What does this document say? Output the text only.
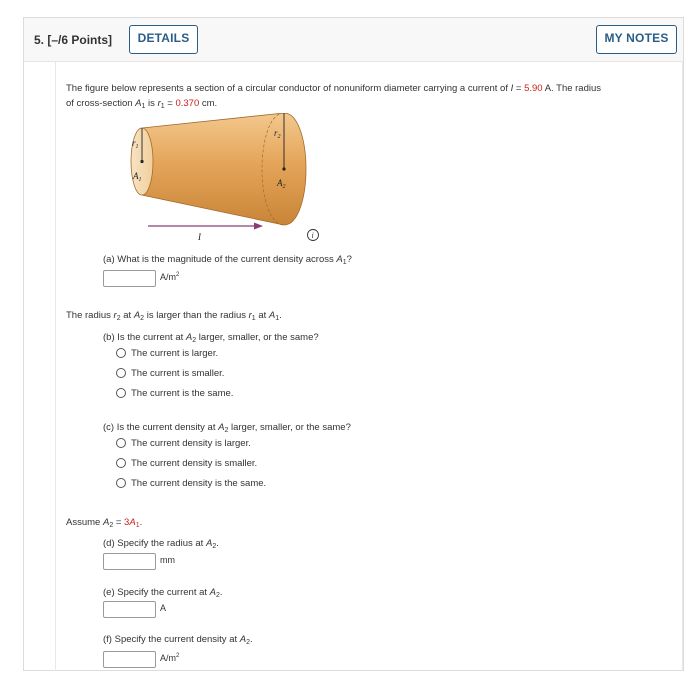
5. [–/6 Points]	DETAILS	MY NOTES
The figure below represents a section of a circular conductor of nonuniform diameter carrying a current of I = 5.90 A. The radius
of cross-section $A_1$ is $r_1 = 0.370$ cm.
$r_1$
$A_1$
$r_2$
$A_2$
I	i
(a) What is the magnitude of the current density across $A_1$?
$A/m^2$
The radius $r_2$ at $A_2$ is larger than the radius $r_1$ at $A_1$.
(b) Is the current at $A_2$ larger, smaller, or the same?
The current is larger.
The current is smaller.
The current is the same.
(c) Is the current density at $A_2$ larger, smaller, or the same?
The current density is larger.
The current density is smaller.
The current density is the same.
Assume $A_2 = 3A_1$.
(d) Specify the radius at $A_2$.
mm
(e) Specify the current at $A_2$.
A
(f) Specify the current density at $A_2$.
$A/m^2$
